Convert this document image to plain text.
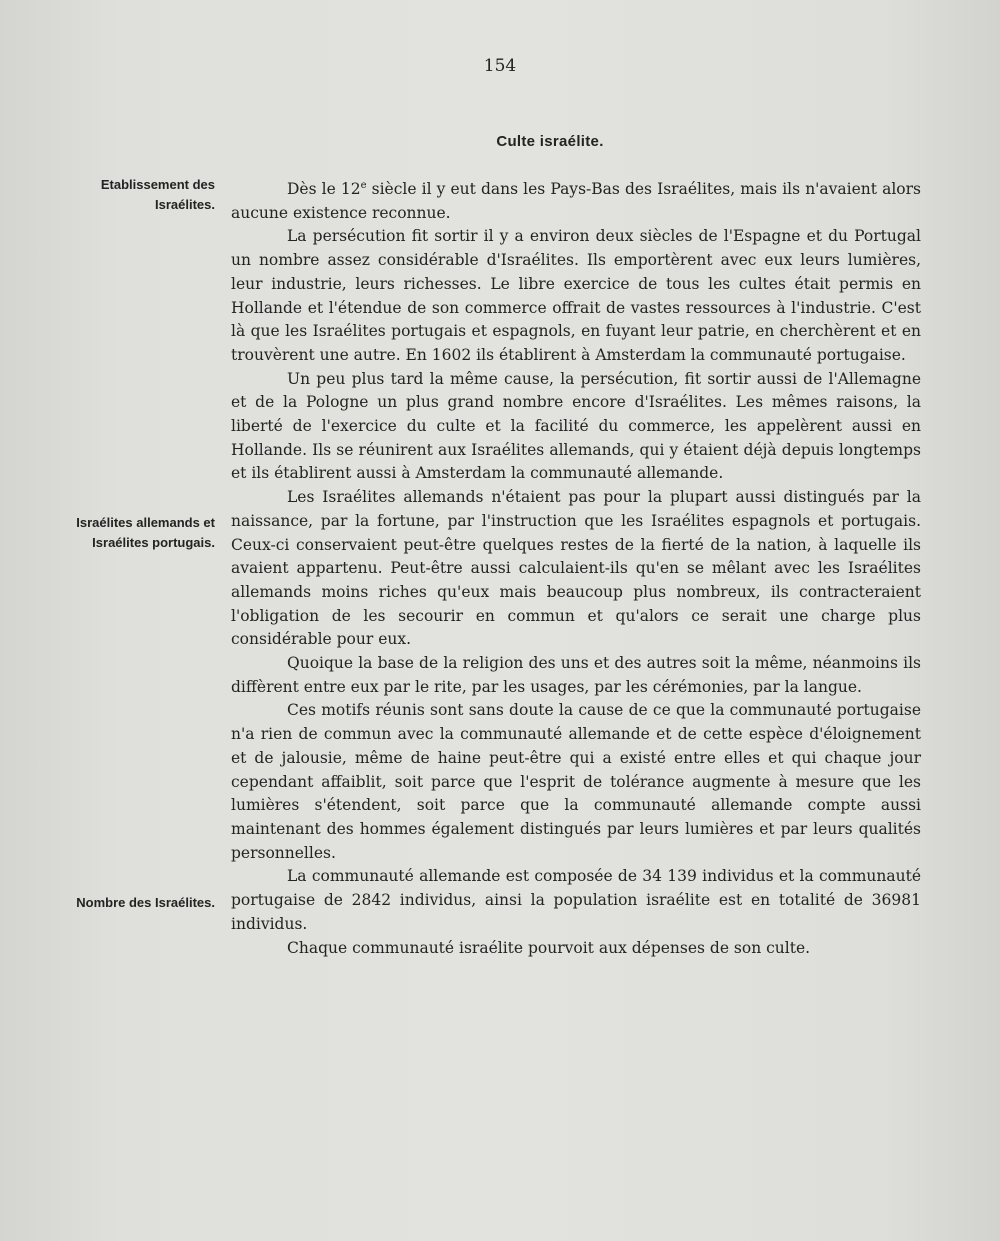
154
Culte israélite.
Etablissement des Israélites.
Israélites allemands et Israélites portugais.
Nombre des Israélites.

Dès le 12e siècle il y eut dans les Pays-Bas des Israélites, mais ils n'avaient alors aucune existence reconnue.

La persécution fit sortir il y a environ deux siècles de l'Espagne et du Portugal un nombre assez considérable d'Israélites. Ils emportèrent avec eux leurs lumières, leur industrie, leurs richesses. Le libre exercice de tous les cultes était permis en Hollande et l'étendue de son commerce offrait de vastes ressources à l'industrie. C'est là que les Israélites portugais et espagnols, en fuyant leur patrie, en cherchèrent et en trouvèrent une autre. En 1602 ils établirent à Amsterdam la communauté portugaise.

Un peu plus tard la même cause, la persécution, fit sortir aussi de l'Allemagne et de la Pologne un plus grand nombre encore d'Israélites. Les mêmes raisons, la liberté de l'exercice du culte et la facilité du commerce, les appelèrent aussi en Hollande. Ils se réunirent aux Israélites allemands, qui y étaient déjà depuis longtemps et ils établirent aussi à Amsterdam la communauté allemande.

Les Israélites allemands n'étaient pas pour la plupart aussi distingués par la naissance, par la fortune, par l'instruction que les Israélites espagnols et portugais. Ceux-ci conservaient peut-être quelques restes de la fierté de la nation, à laquelle ils avaient appartenu. Peut-être aussi calculaient-ils qu'en se mêlant avec les Israélites allemands moins riches qu'eux mais beaucoup plus nombreux, ils contracteraient l'obligation de les secourir en commun et qu'alors ce serait une charge plus considérable pour eux.

Quoique la base de la religion des uns et des autres soit la même, néanmoins ils diffèrent entre eux par le rite, par les usages, par les cérémonies, par la langue.

Ces motifs réunis sont sans doute la cause de ce que la communauté portugaise n'a rien de commun avec la communauté allemande et de cette espèce d'éloignement et de jalousie, même de haine peut-être qui a existé entre elles et qui chaque jour cependant affaiblit, soit parce que l'esprit de tolérance augmente à mesure que les lumières s'étendent, soit parce que la communauté allemande compte aussi maintenant des hommes également distingués par leurs lumières et par leurs qualités personnelles.

La communauté allemande est composée de 34 139 individus et la communauté portugaise de 2842 individus, ainsi la population israélite est en totalité de 36981 individus.

Chaque communauté israélite pourvoit aux dépenses de son culte.
